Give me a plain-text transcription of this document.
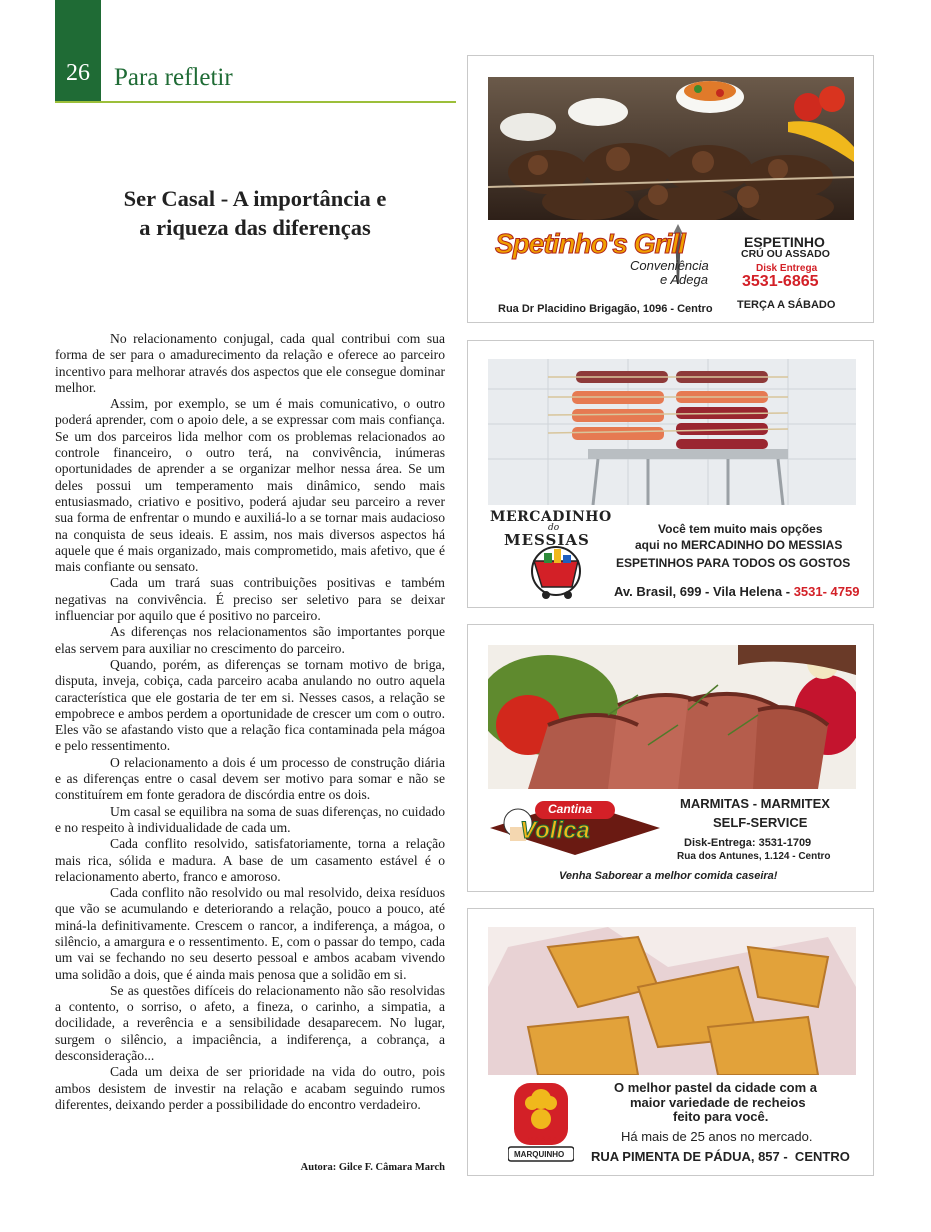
26 Para refletir
Ser Casal - A importância e
a riqueza das diferenças

No relacionamento conjugal, cada qual contribui com sua forma de ser para o amadurecimento da relação e oferece ao parceiro incentivo para melhorar através dos aspectos que ele consegue dominar melhor.

Assim, por exemplo, se um é mais comunicativo, o outro poderá aprender, com o apoio dele, a se expressar com mais confiança. Se um dos parceiros lida melhor com os problemas relacionados ao controle financeiro, o outro terá, na convivência, inúmeras oportunidades de aprender a se organizar melhor nessa área. Se um deles possui um temperamento mais dinâmico, sendo mais entusiasmado, criativo e positivo, poderá ajudar seu parceiro a rever sua forma de enfrentar o mundo e auxiliá-lo a se tornar mais audacioso na conquista de seus ideais. E assim, nos mais diversos aspectos há aquele que é mais organizado, mais comprometido, mais afetivo, que é mais confiante ou sensato.

Cada um trará suas contribuições positivas e também negativas na convivência. É preciso ser seletivo para se deixar influenciar por aquilo que é positivo no parceiro.

As diferenças nos relacionamentos são importantes porque elas servem para auxiliar no crescimento do parceiro.

Quando, porém, as diferenças se tornam motivo de briga, disputa, inveja, cobiça, cada parceiro acaba anulando no outro aquela característica que ele gostaria de ter em si. Nesses casos, a relação se empobrece e ambos perdem a oportunidade de crescer um com o outro. Eles vão se afastando visto que a relação fica contaminada pela mágoa e pelo ressentimento.

O relacionamento a dois é um processo de construção diária e as diferenças entre o casal devem ser motivo para somar e não se constituírem em fonte geradora de discórdia entre os dois.

Um casal se equilibra na soma de suas diferenças, no cuidado e no respeito à individualidade de cada um.

Cada conflito resolvido, satisfatoriamente, torna a relação mais rica, sólida e madura. A base de um casamento estável é o relacionamento aberto, franco e amoroso.

Cada conflito não resolvido ou mal resolvido, deixa resíduos que vão se acumulando e deteriorando a relação, pouco a pouco, até miná-la definitivamente. Crescem o rancor, a indiferença, a mágoa, o silêncio, a amargura e o ressentimento. E, com o passar do tempo, cada um vai se fechando no seu deserto pessoal e ambos acabam vivendo uma solidão a dois, que é ainda mais penosa que a solidão em si.

Se as questões difíceis do relacionamento não são resolvidas a contento, o sorriso, o afeto, a fineza, o carinho, a simpatia, a docilidade, a reverência e a sensibilidade desaparecem. No lugar, surgem o silêncio, a impaciência, a indiferença, a cobrança, a desconsideração...

Cada um deixa de ser prioridade na vida do outro, pois ambos desistem de investir na relação e acabam seguindo rumos diferentes, deixando perder a possibilidade do encontro verdadeiro.

Autora: Gilce F. Câmara March
Spetinho's Grill
Conveniência
e Adega
ESPETINHO
CRÚ OU ASSADO
Disk Entrega
3531-6865
Rua Dr Placidino Brigagão, 1096 - Centro TERÇA A SÁBADO
MERCADINHO
do
MESSIAS
Você tem muito mais opções
aqui no MERCADINHO DO MESSIAS
ESPETINHOS PARA TODOS OS GOSTOS
Av. Brasil, 699 - Vila Helena - 3531- 4759
Cantina
Volica
MARMITAS - MARMITEX
SELF-SERVICE
Disk-Entrega: 3531-1709
Rua dos Antunes, 1.124 - Centro
Venha Saborear a melhor comida caseira!
MASSAS
MARQUINHO
O melhor pastel da cidade com a
maior variedade de recheios
feito para você.
Há mais de 25 anos no mercado.
RUA PIMENTA DE PÁDUA, 857 -  CENTRO
